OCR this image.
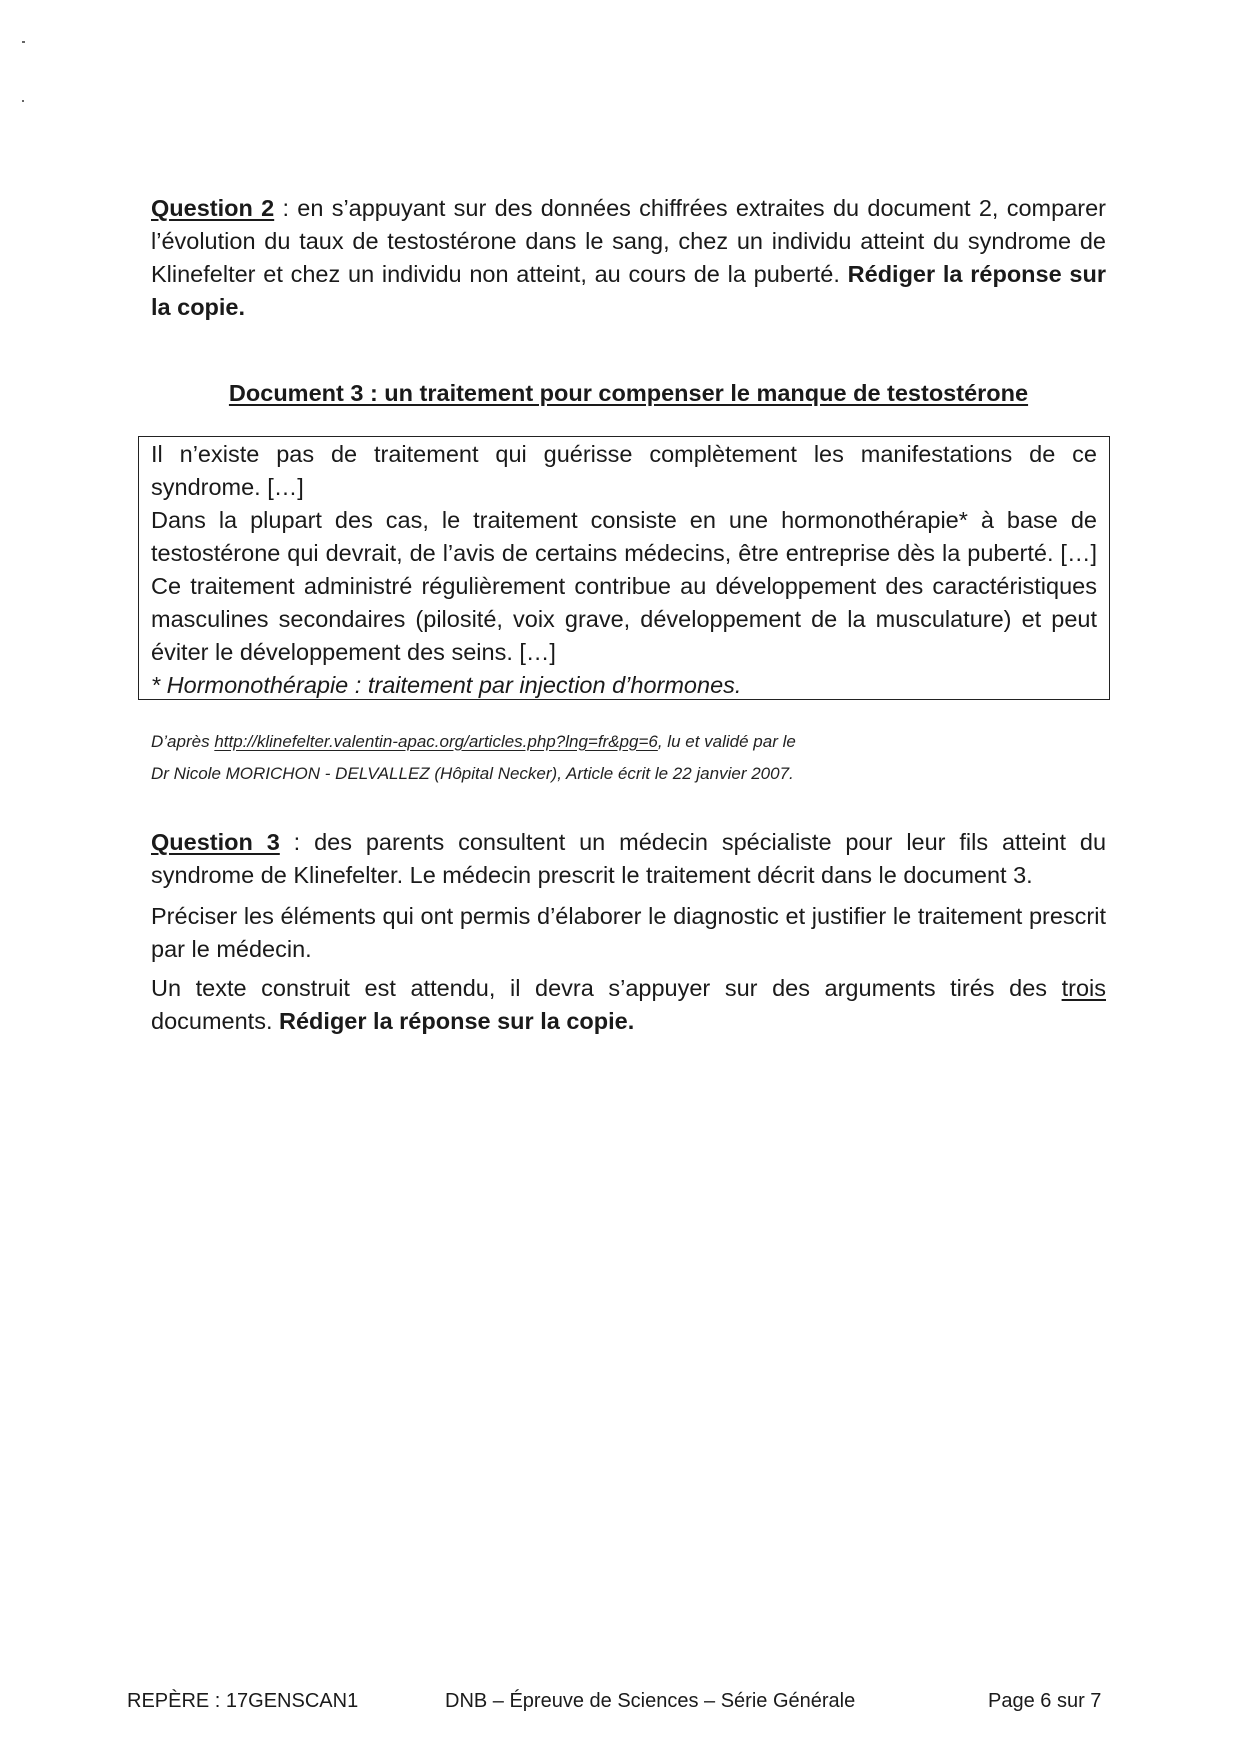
Question 2 : en s’appuyant sur des données chiffrées extraites du document 2, comparer l’évolution du taux de testostérone dans le sang, chez un individu atteint du syndrome de Klinefelter et chez un individu non atteint, au cours de la puberté. Rédiger la réponse sur la copie.
Document 3 : un traitement pour compenser le manque de testostérone
Il n’existe pas de traitement qui guérisse complètement les manifestations de ce syndrome. […]
Dans la plupart des cas, le traitement consiste en une hormonothérapie* à base de testostérone qui devrait, de l’avis de certains médecins, être entreprise dès la puberté. […] Ce traitement administré régulièrement contribue au développement des caractéristiques masculines secondaires (pilosité, voix grave, développement de la musculature) et peut éviter le développement des seins. […]
* Hormonothérapie : traitement par injection d’hormones.
D’après http://klinefelter.valentin-apac.org/articles.php?lng=fr&pg=6, lu et validé par le
Dr Nicole MORICHON - DELVALLEZ (Hôpital Necker), Article écrit le 22 janvier 2007.
Question 3 : des parents consultent un médecin spécialiste pour leur fils atteint du syndrome de Klinefelter. Le médecin prescrit le traitement décrit dans le document 3.
Préciser les éléments qui ont permis d’élaborer le diagnostic et justifier le traitement prescrit par le médecin.
Un texte construit est attendu, il devra s’appuyer sur des arguments tirés des trois documents. Rédiger la réponse sur la copie.
REPÈRE : 17GENSCAN1	DNB – Épreuve de Sciences – Série Générale	Page 6 sur 7
